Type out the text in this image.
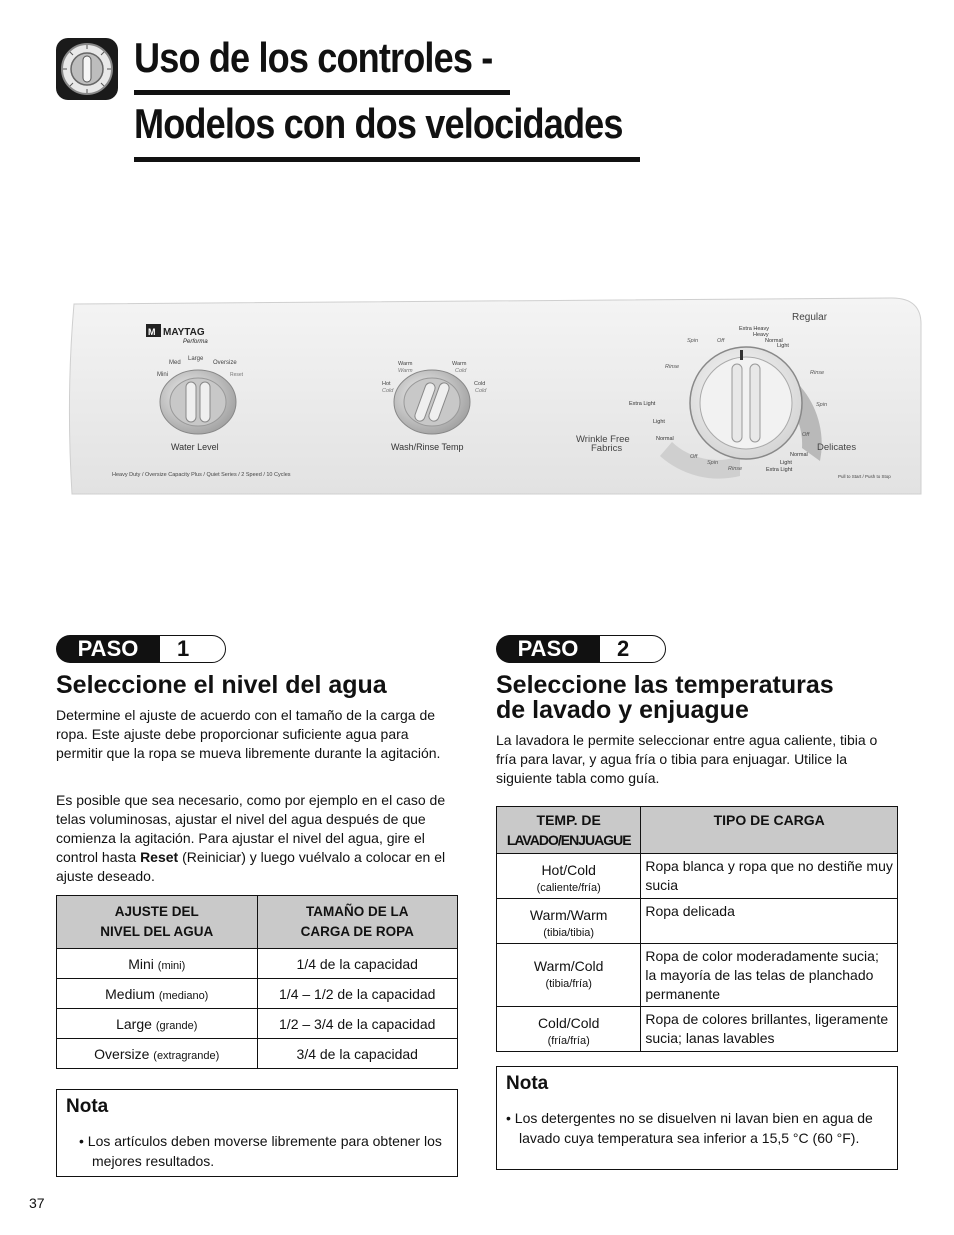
Uso de los controles -
Modelos con dos velocidades
M MAYTAG
Performa
Mini
Med
Large
Oversize
Reset
Water Level
Warm
Warm
Warm
Cold
Hot
Cold
Cold
Cold
Wash/Rinse Temp
Regular
Extra Heavy
Heavy
Normal
Light
Rinse
Spin
Off
Off
Spin
Rinse
Extra Light
Light
Normal
Off
Spin
Rinse
Normal
Light
Extra Light
Wrinkle Free
Fabrics	Delicates
Heavy Duty / Oversize Capacity Plus / Quiet Series / 2 Speed / 10 Cycles	Pull to Start / Push to Stop
PASO	1
Seleccione el nivel del agua
Determine el ajuste de acuerdo con el tamaño de la carga de ropa. Este ajuste debe proporcionar suficiente agua para permitir que la ropa se mueva libremente durante la agitación.
Es posible que sea necesario, como por ejemplo en el caso de telas voluminosas, ajustar el nivel del agua después de que comienza la agitación. Para ajustar el nivel del agua, gire el control hasta Reset (Reiniciar) y luego vuélvalo a colocar en el ajuste deseado.
AJUSTE DEL
NIVEL DEL AGUA	TAMAÑO DE LA
CARGA DE ROPA
Mini (mini)	1/4 de la capacidad
Medium (mediano)	1/4 – 1/2 de la capacidad
Large (grande)	1/2 – 3/4 de la capacidad
Oversize (extragrande)	3/4 de la capacidad
Nota
• Los artículos deben moverse libremente para obtener los mejores resultados.
PASO	2
Seleccione las temperaturas
de lavado y enjuague
La lavadora le permite seleccionar entre agua caliente, tibia o fría para lavar, y agua fría o tibia para enjuagar. Utilice la siguiente tabla como guía.
TEMP. DE
LAVADO/ENJUAGUE	TIPO DE CARGA
Hot/Cold
(caliente/fría)	Ropa blanca y ropa que no destiñe muy sucia
Warm/Warm
(tibia/tibia)	Ropa delicada
Warm/Cold
(tibia/fría)	Ropa de color moderadamente sucia; la mayoría de las telas de planchado permanente
Cold/Cold
(fría/fría)	Ropa de colores brillantes, ligeramente sucia; lanas lavables
Nota
• Los detergentes no se disuelven ni lavan bien en agua de lavado cuya temperatura sea inferior a 15,5 °C (60 °F).
37
